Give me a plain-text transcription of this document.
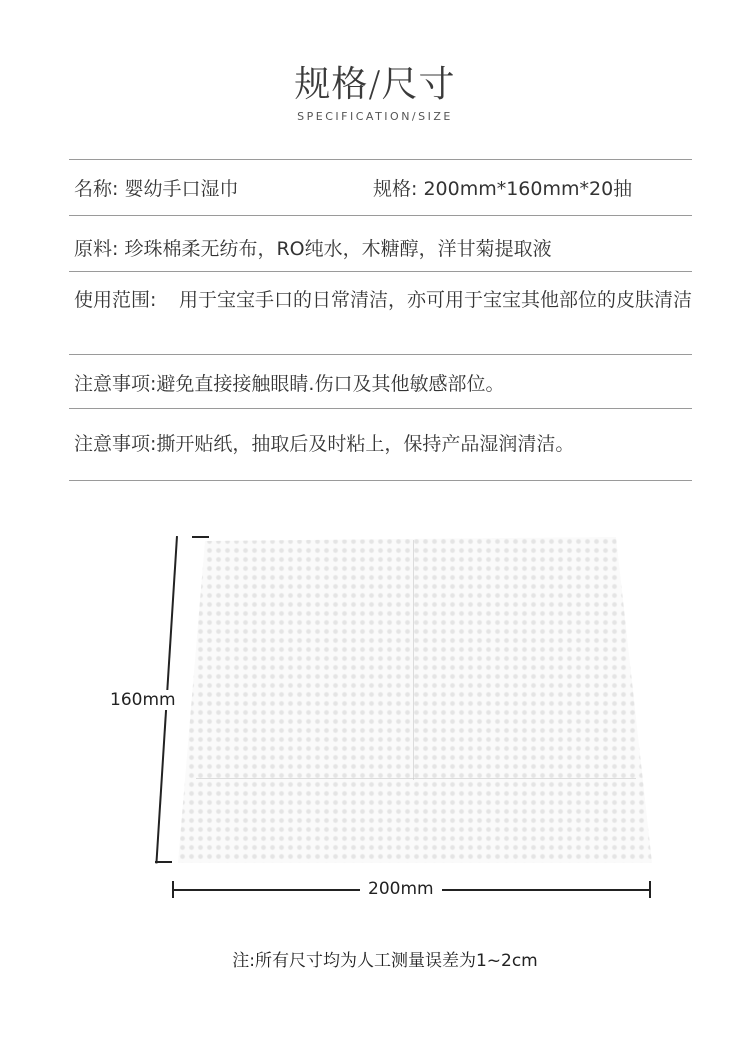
规格/尺寸
SPECIFICATION/SIZE
名称: 婴幼手口湿巾	规格: 200mm*160mm*20抽
原料: 珍珠棉柔无纺布，RO纯水，木糖醇，洋甘菊提取液
使用范围: 用于宝宝手口的日常清洁，亦可用于宝宝其他部位的皮肤清洁
注意事项:避免直接接触眼睛.伤口及其他敏感部位。
注意事项:撕开贴纸，抽取后及时粘上，保持产品湿润清洁。
160mm
200mm
注:所有尺寸均为人工测量误差为1~2cm
